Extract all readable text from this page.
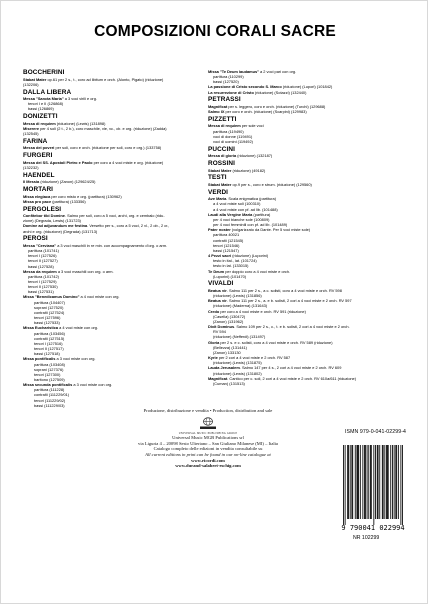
COMPOSIZIONI CORALI SACRE
BOCCHERINI
Stabat Mater op.61 per 2 s., t., coro ad libitum e orch. (Alonto, Pigato) (riduzione)
(132206)
DALLA LIBERA
Messa "Sancta Maria" a 3 voci virili e org.
tenori I e II (126868)
bassi (126869)
DONIZETTI
Messa di requiem (riduzione) (Lewis) (131898)
Miserere per 4 soli (2 t., 2 b.), coro maschile, vle, vc., cb. e org. (riduzione) (Zadda)
(132545)
FARINA
Messa dei poveri per soli, coro e orch. (riduzione per soli, coro e org.) (133758)
FURGERI
Messa dei SS. Apostoli Pietro e Paolo per coro a 4 voci miste e org. (riduzione)
(132232)
HAENDEL
Il Messia (riduzione) (Zanon) (129624/25)
MORTARI
Missa elegiaca per coro misto e org. (partitura) (130962)
Missa pro pace (partitura) (133356)
PERGOLESI
Confitebor tibi Domine. Salmo per soli, coro a 5 voci, archi, org. e cembalo (ridu-
zione) (Degrada, Lewis) (131723)
Domine ad adjuvandum me festina. Versetto per s., coro a 5 voci, 2 vl., 2 ob., 2 cr.,
archi e org. (riduzione) (Degrada) (131713)
PEROSI
Messa "Cerviana" a 3 voci maschili in re min. con accompagnamento d'org. o arm.
partitura (101741)
tenori I (127526)
tenori II (127527)
bassi (127528)
Messa da requiem a 3 voci maschili con org. o arm.
partitura (101742)
tenori I (127529)
tenori II (127530)
bassi (127531)
Missa "Benedicamus Domino" a 4 voci miste con org.
partitura (104407)
soprani (127520)
contralti (127524)
tenori (127596)
bassi (127533)
Missa Eucharistica a 4 voci miste con org.
partitura (103456)
contralti (127515)
tenori I (127516)
tenori II (127517)
bassi (127518)
Missa pontificalis a 3 voci miste con org.
partitura (103408)
soprani (127376)
tenori (127300)
baritono (127509)
Missa secunda pontificalis a 3 voci miste con org.
partitura (111228)
contralti (111229/01)
tenori (111229/02)
bassi (111229/03)
Missa "Te Deum laudamus" a 2 voci pari con org.
partitura (110299)
bassi (127520)
La passione di Cristo secondo S. Marco (riduzione) (Lupori) (101842)
La resurrezione di Cristo (riduzione) (Sotazzi) (132440)
PETRASSI
Magnificat per s. leggero, coro e orch. (riduzione) (Turchi) (129688)
Salmo IX per coro e orch. (riduzione) (Scarpini) (129983)
PIZZETTI
Messa di requiem per sole voci
partitura (119490)
voci di donne (119491)
voci di uomini (119492)
PUCCINI
Messa di gloria (riduzione) (132187)
ROSSINI
Stabat Mater (riduzione) (49182)
TESTI
Stabat Mater op.9 per s., coro e strum. (riduzione) (129560)
VERDI
Ave Maria. Scala enigmatica (partitura)
a 4 voci miste soli (100310)
a 4 voci miste con pf. ad lib. (101488)
Laudi alla Vergine Maria (partitura)
per 4 voci bianche sole (100809)
per 4 voci femminili con pf. ad lib. (101489)
Pater noster (volgarizzato da Dante. Per 5 voci miste sole)
partitura 40021
contralti (121545)
tenori (121546)
bassi (121547)
4 Pezzi sacri (riduzione) (Luporini)
testo in ital., lat. (101724)
testo in lat. (133015)
Te Deum per doppio coro a 4 voci miste e orch.
(Luporini) (101470)
VIVALDI
Beatus vir. Salmo 111 per 2 s., a c. solisti, coro a 4 voci miste e orch. RV 598
(riduzione) (Lewis) (131856)
Beatus vir. Salmo 111 per 2 s., a. e b. solisti, 2 cori a 4 voci miste e 2 orch. RV 597
(riduzione) (Maderna) (131643)
Credo per coro a 4 voci miste e orch. RV 591 (riduzione)
(Casella) (130472)
(Zanon) (131962)
Dixit Dominus. Salmo 109 per 2 s., c., t. e b. solisti, 2 cori a 4 voci miste e 2 orch.
RV 594
(riduzione) (Nefferdi) (131497)
Gloria per 2 s. e c. solisti, coro a 4 voci miste e orch. RV 589 (riduzione)
(Bellezza) (131441)
(Zanon) 133130
Kyrie per 2 cori a 4 voci miste e 2 orch. RV 587
(riduzione) (Lewis) (131875)
Lauda Jerusalem. Salmo 147 per 4 s., 2 cori a 4 voci miste e 2 orch. RV 609
(riduzione) (Lewis) (131802)
Magnificat. Cantico per c. soli, 2 cori a 4 voci miste e 2 orch. RV 610a/611 (riduzione)
(Cuman) (131513)
Produzione, distribuzione e vendita • Production, distribution and sale
UNIVERSAL MUSIC PUBLISHING GROUP
Universal Music MGB Publications srl
via Liguria 4 – 20098 Sesto Ulteriano – San Giuliano Milanese (MI) – Italia
Catalogo completo delle edizioni in vendita consultabile su
All current editions in print can be found in our on-line catalogue at
www.ricordi.com
www.durand-salabert-eschig.com
ISMN 979-0-041-02299-4
9 790041 022994
NR 102299
